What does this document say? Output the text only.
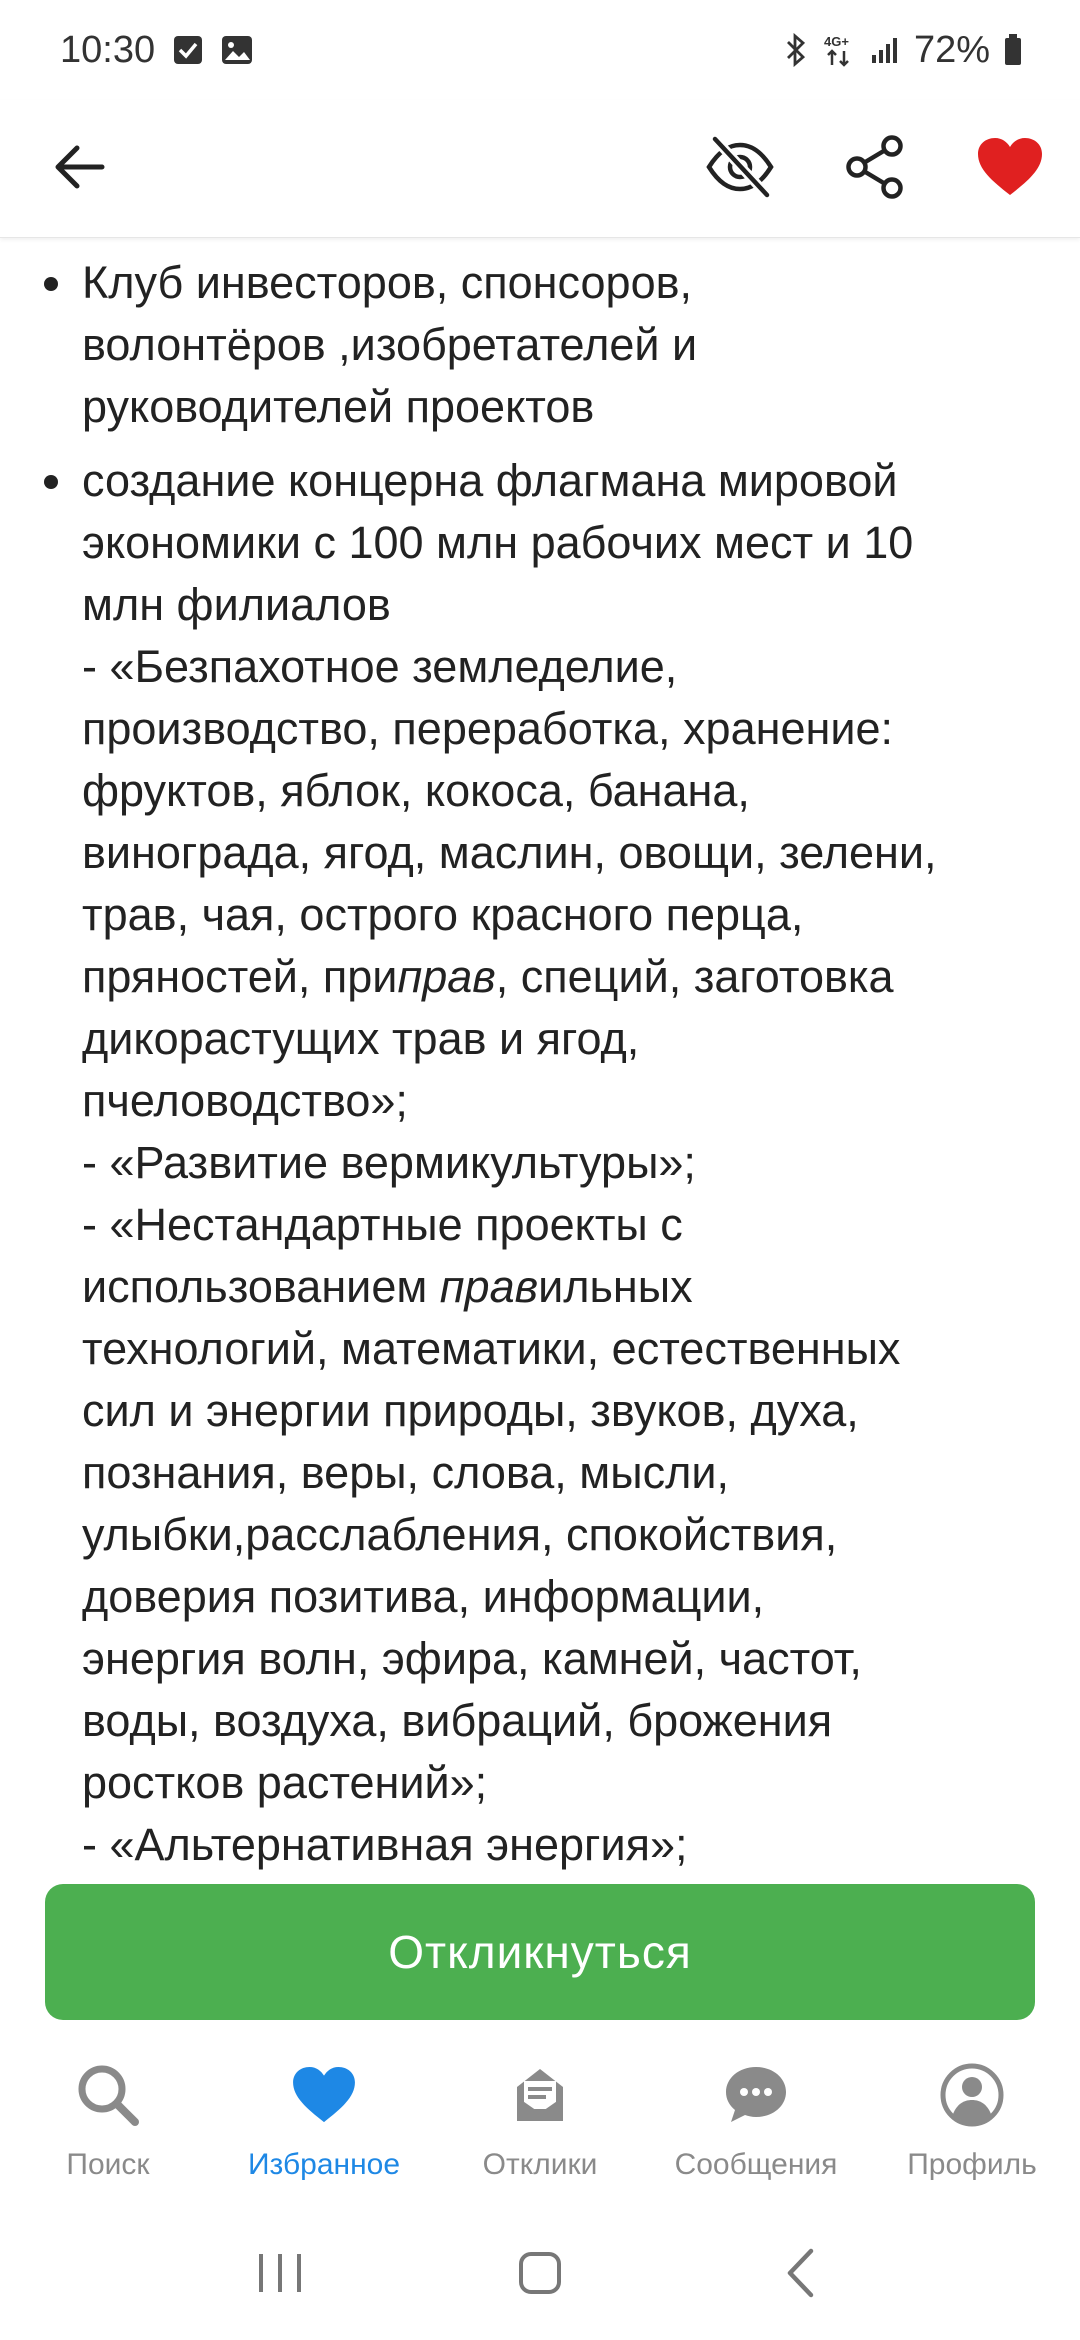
10:30	4G+ 72%
Клуб инвесторов, спонсоров,
волонтёров ,изобретателей и
руководителей проектов
создание концерна флагмана мировой
экономики с 100 млн рабочих мест и 10
млн филиалов
- «Безпахотное земледелие,
производство, переработка, хранение:
фруктов, яблок, кокоса, банана,
винограда, ягод, маслин, овощи, зелени,
трав, чая, острого красного перца,
пряностей, приправ, специй, заготовка
дикорастущих трав и ягод,
пчеловодство»;
- «Развитие вермикультуры»;
- «Нестандартные проекты с
использованием правильных
технологий, математики, естественных
сил и энергии природы, звуков, духа,
познания, веры, слова, мысли,
улыбки,расслабления, спокойствия,
доверия позитива, информации,
энергия волн, эфира, камней, частот,
воды, воздуха, вибраций, брожения
ростков растений»;
- «Альтернативная энергия»;
Откликнуться
Поиск	Избранное	Отклики	Сообщения Профиль
